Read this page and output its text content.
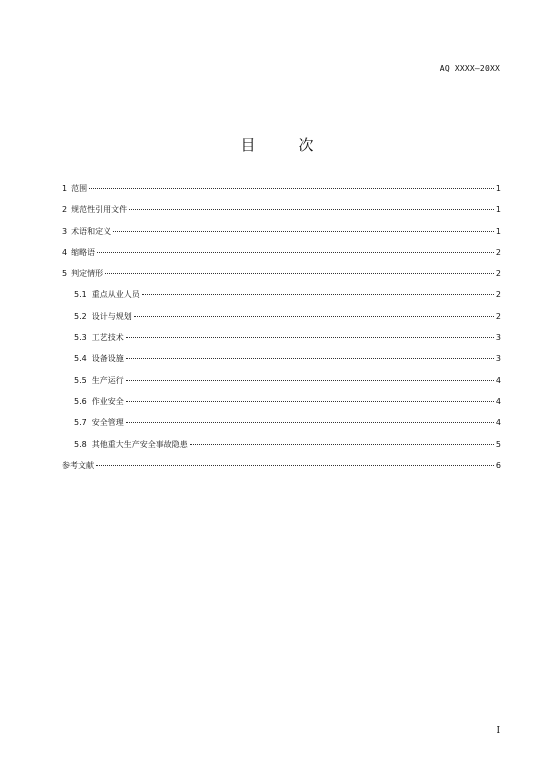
AQ XXXX—20XX
目　次
1 范围	1
2 规范性引用文件	1
3 术语和定义	1
4 缩略语	2
5 判定情形	2
5.1 重点从业人员	2
5.2 设计与规划	2
5.3 工艺技术	3
5.4 设备设施	3
5.5 生产运行	4
5.6 作业安全	4
5.7 安全管理	4
5.8 其他重大生产安全事故隐患	5
参考文献	6
I
